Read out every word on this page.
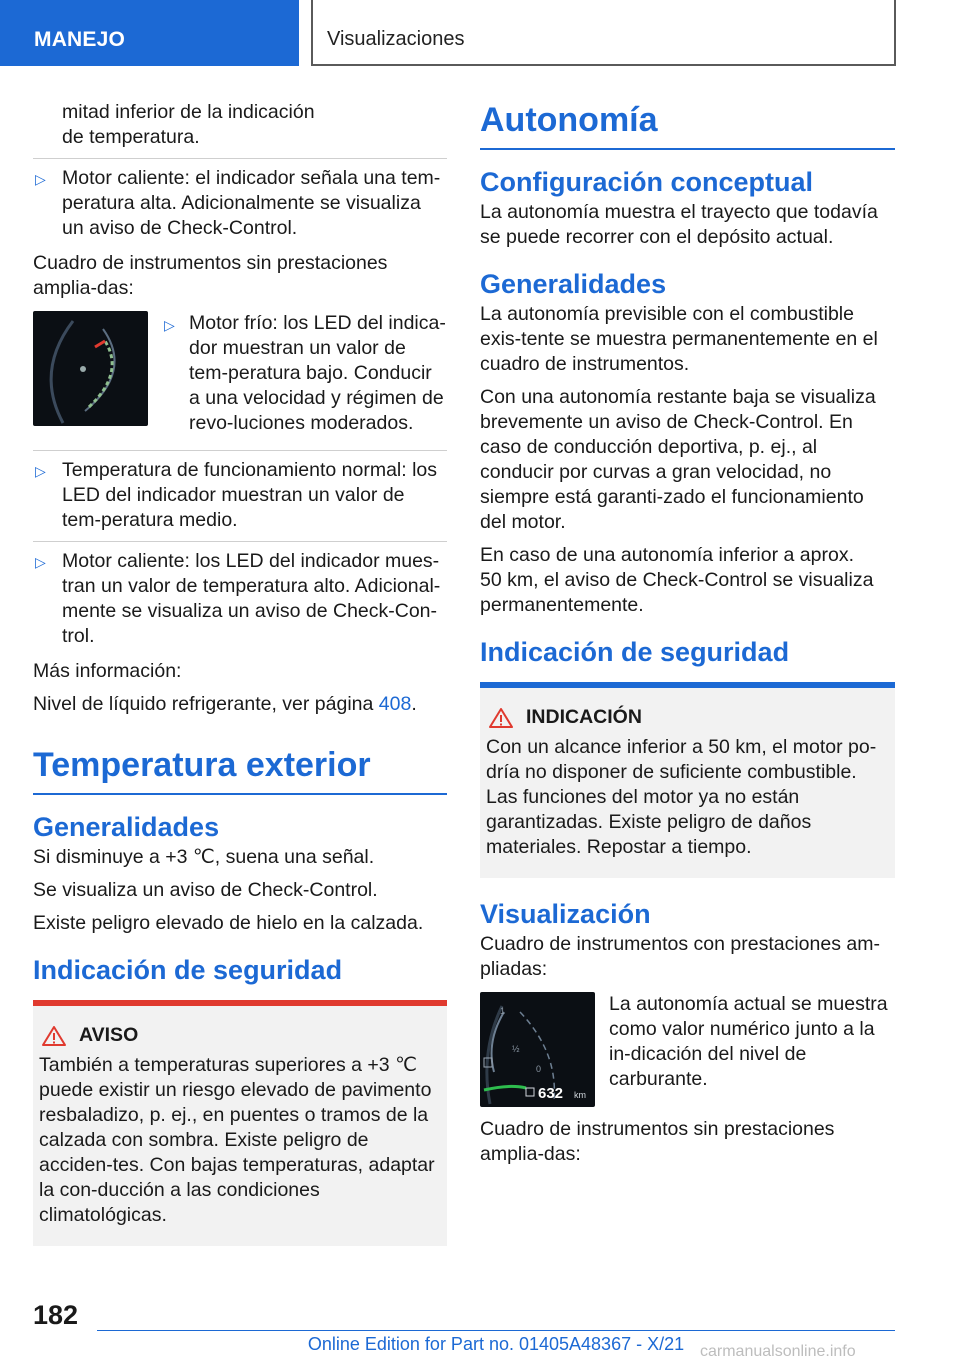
MANEJO	Visualizaciones

mitad inferior de la indicación
de temperatura.

▷ Motor caliente: el indicador señala una tem-peratura alta. Adicionalmente se visualiza un aviso de Check-Control.

Cuadro de instrumentos sin prestaciones amplia-das:

▷ Motor frío: los LED del indica-dor muestran un valor de tem-peratura bajo. Conducir a una velocidad y régimen de revo-luciones moderados.
▷ Temperatura de funcionamiento normal: los LED del indicador muestran un valor de tem-peratura medio.
▷ Motor caliente: los LED del indicador mues-tran un valor de temperatura alto. Adicional-mente se visualiza un aviso de Check-Con-trol.

Más información:

Nivel de líquido refrigerante, ver página 408.

Temperatura exterior
Generalidades

Si disminuye a +3 ℃, suena una señal.

Se visualiza un aviso de Check-Control.

Existe peligro elevado de hielo en la calzada.

Indicación de seguridad
AVISO

También a temperaturas superiores a +3 ℃ puede existir un riesgo elevado de pavimento resbaladizo, p. ej., en puentes o tramos de la calzada con sombra. Existe peligro de acciden-tes. Con bajas temperaturas, adaptar la con-ducción a las condiciones climatológicas.

Autonomía
Configuración conceptual

La autonomía muestra el trayecto que todavía se puede recorrer con el depósito actual.

Generalidades

La autonomía previsible con el combustible exis-tente se muestra permanentemente en el cuadro de instrumentos.

Con una autonomía restante baja se visualiza brevemente un aviso de Check-Control. En caso de conducción deportiva, p. ej., al conducir por curvas a gran velocidad, no siempre está garanti-zado el funcionamiento del motor.

En caso de una autonomía inferior a aprox.
50 km, el aviso de Check-Control se visualiza permanentemente.

Indicación de seguridad
INDICACIÓN

Con un alcance inferior a 50 km, el motor po-dría no disponer de suficiente combustible. Las funciones del motor ya no están garantizadas. Existe peligro de daños materiales. Repostar a tiempo.

Visualización

Cuadro de instrumentos con prestaciones am-pliadas:

1
½
0
632 km

La autonomía actual se muestra como valor numérico junto a la in-dicación del nivel de carburante.

Cuadro de instrumentos sin prestaciones amplia-das:

182
Online Edition for Part no. 01405A48367 - X/21 carmanualsonline.info
